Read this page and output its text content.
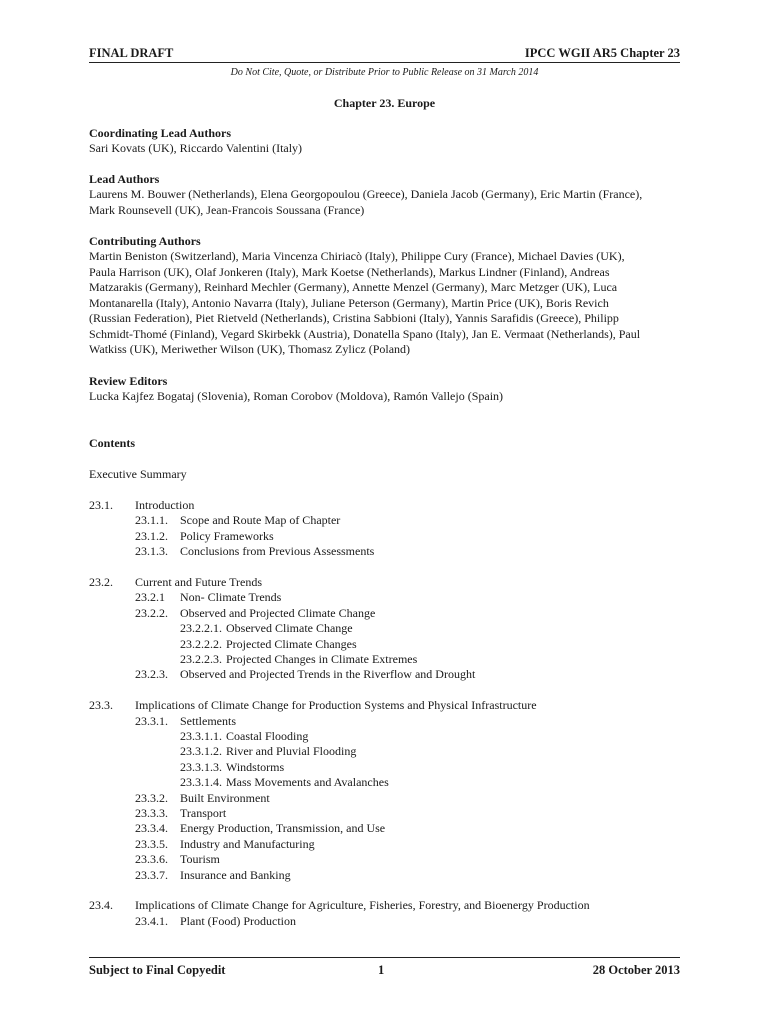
FINAL DRAFT	IPCC WGII AR5 Chapter 23
Do Not Cite, Quote, or Distribute Prior to Public Release on 31 March 2014
Chapter 23. Europe
Coordinating Lead Authors
Sari Kovats (UK), Riccardo Valentini (Italy)
Lead Authors
Laurens M. Bouwer (Netherlands), Elena Georgopoulou (Greece), Daniela Jacob (Germany), Eric Martin (France),
Mark Rounsevell (UK), Jean-Francois Soussana (France)
Contributing Authors
Martin Beniston (Switzerland), Maria Vincenza Chiriacò (Italy), Philippe Cury (France), Michael Davies (UK),
Paula Harrison (UK), Olaf Jonkeren (Italy), Mark Koetse (Netherlands), Markus Lindner (Finland), Andreas
Matzarakis (Germany), Reinhard Mechler (Germany), Annette Menzel (Germany), Marc Metzger (UK), Luca
Montanarella (Italy), Antonio Navarra (Italy), Juliane Peterson (Germany), Martin Price (UK), Boris Revich
(Russian Federation), Piet Rietveld (Netherlands), Cristina Sabbioni (Italy), Yannis Sarafidis (Greece), Philipp
Schmidt-Thomé (Finland), Vegard Skirbekk (Austria), Donatella Spano (Italy), Jan E. Vermaat (Netherlands), Paul
Watkiss (UK), Meriwether Wilson (UK), Thomasz Zylicz (Poland)
Review Editors
Lucka Kajfez Bogataj (Slovenia), Roman Corobov (Moldova), Ramón Vallejo (Spain)
Contents
Executive Summary
23.1. Introduction
23.1.1. Scope and Route Map of Chapter
23.1.2. Policy Frameworks
23.1.3. Conclusions from Previous Assessments
23.2. Current and Future Trends
23.2.1 Non- Climate Trends
23.2.2. Observed and Projected Climate Change
23.2.2.1. Observed Climate Change
23.2.2.2. Projected Climate Changes
23.2.2.3. Projected Changes in Climate Extremes
23.2.3. Observed and Projected Trends in the Riverflow and Drought
23.3. Implications of Climate Change for Production Systems and Physical Infrastructure
23.3.1. Settlements
23.3.1.1. Coastal Flooding
23.3.1.2. River and Pluvial Flooding
23.3.1.3. Windstorms
23.3.1.4. Mass Movements and Avalanches
23.3.2. Built Environment
23.3.3. Transport
23.3.4. Energy Production, Transmission, and Use
23.3.5. Industry and Manufacturing
23.3.6. Tourism
23.3.7. Insurance and Banking
23.4. Implications of Climate Change for Agriculture, Fisheries, Forestry, and Bioenergy Production
23.4.1. Plant (Food) Production
Subject to Final Copyedit	1	28 October 2013
